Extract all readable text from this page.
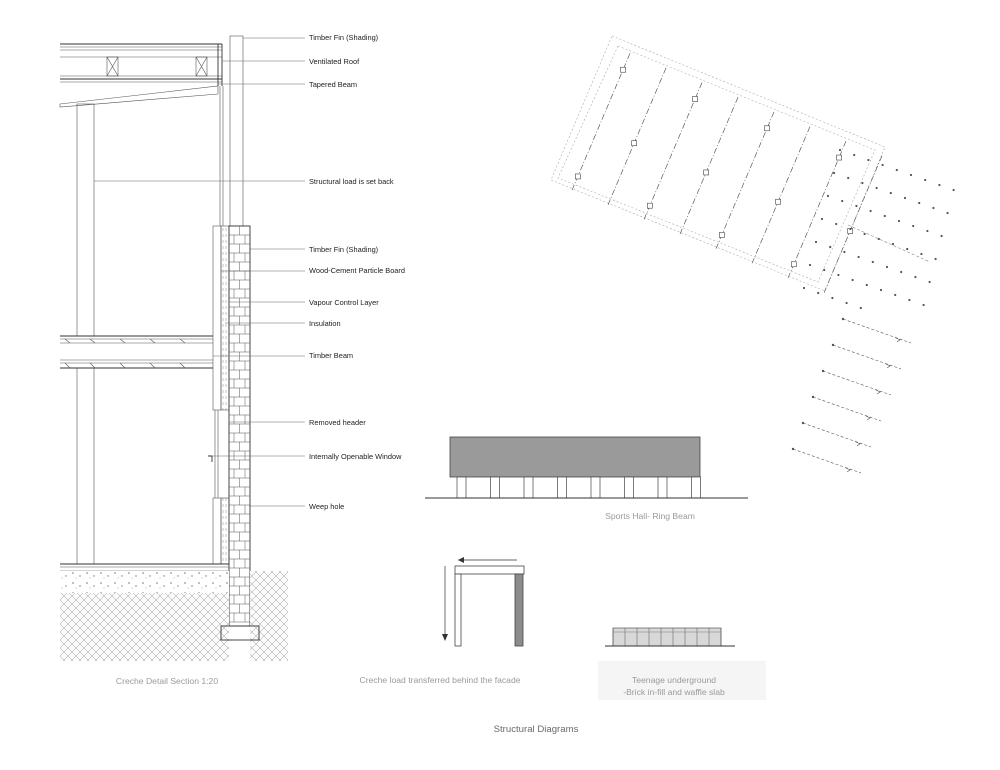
Timber Fin (Shading)
Ventilated Roof
Tapered Beam
Structural load is set back
Timber Fin (Shading)
Wood-Cement Particle Board
Vapour Control Layer
Insulation
Timber Beam
Removed header
Internally Openable Window
Weep hole
Creche Detail Section 1:20
Sports Hall- Ring Beam
Creche load transferred behind the facade	Teenage underground
-Brick in-fill and waffle slab
Structural Diagrams
